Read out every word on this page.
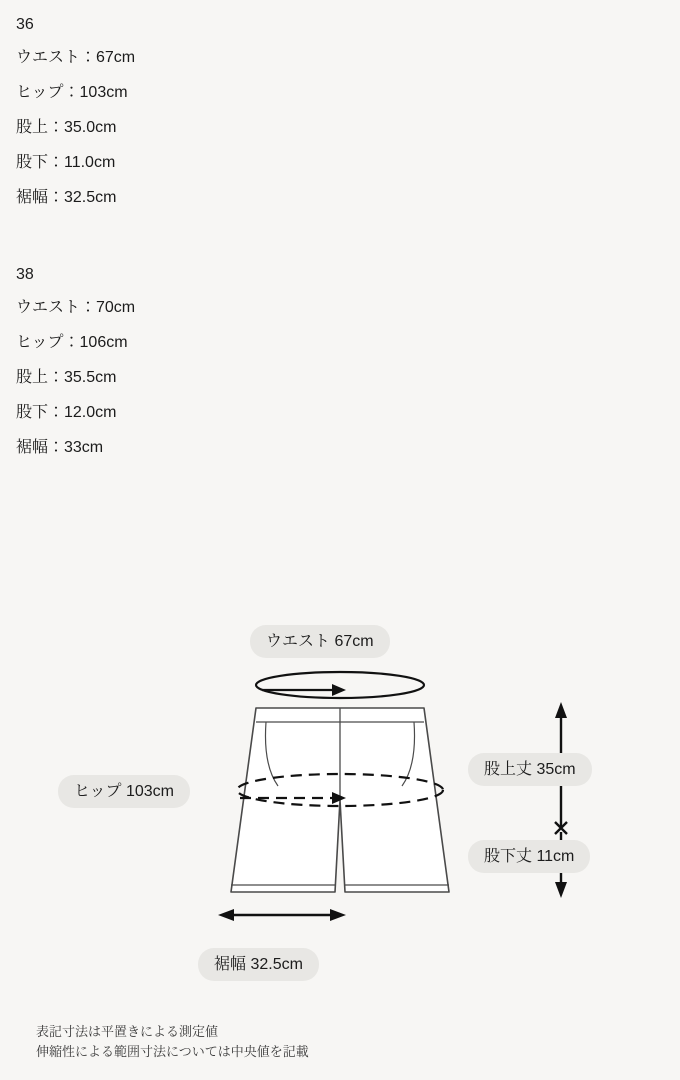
36
ウエスト：67cm
ヒップ：103cm
股上：35.0cm
股下：11.0cm
裾幅：32.5cm
38
ウエスト：70cm
ヒップ：106cm
股上：35.5cm
股下：12.0cm
裾幅：33cm
ウエスト 67cm
ヒップ 103cm
股上丈 35cm
股下丈 11cm
裾幅 32.5cm
表記寸法は平置きによる測定値
伸縮性による範囲寸法については中央値を記載
